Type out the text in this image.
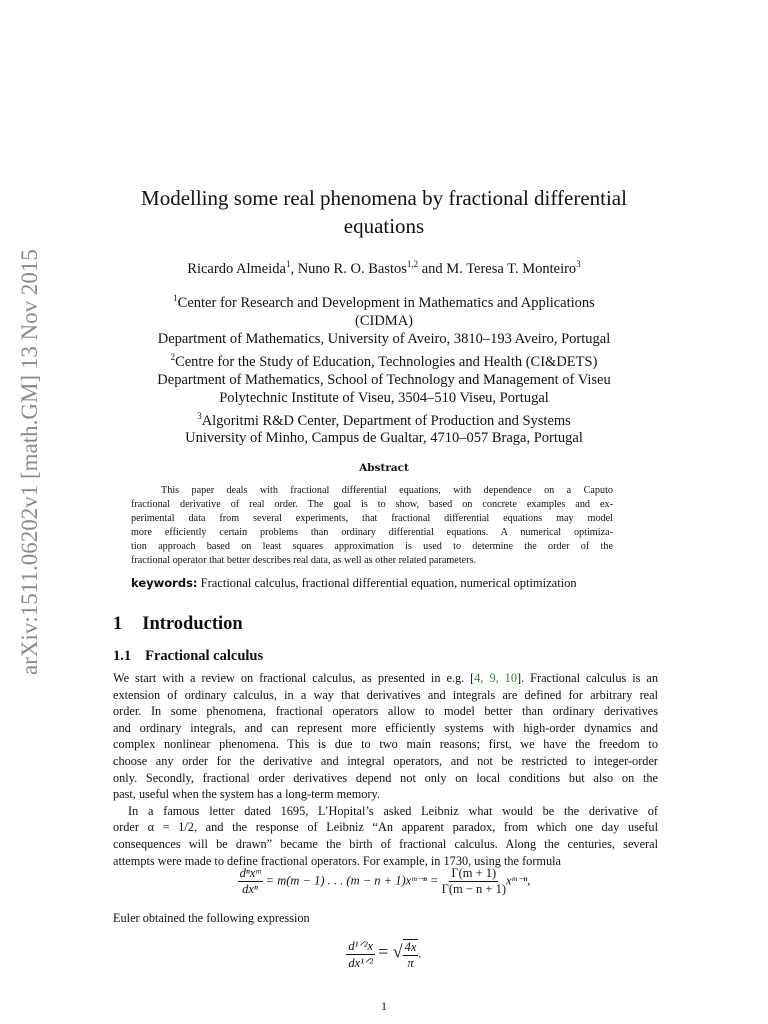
arXiv:1511.06202v1 [math.GM] 13 Nov 2015
Modelling some real phenomena by fractional differential
equations
Ricardo Almeida$^1$, Nuno R. O. Bastos$^{1,2}$ and M. Teresa T. Monteiro$^3$
$^1$Center for Research and Development in Mathematics and Applications
(CIDMA)
Department of Mathematics, University of Aveiro, 3810–193 Aveiro, Portugal
$^2$Centre for the Study of Education, Technologies and Health (CI&DETS)
Department of Mathematics, School of Technology and Management of Viseu
Polytechnic Institute of Viseu, 3504–510 Viseu, Portugal
$^3$Algoritmi R&D Center, Department of Production and Systems
University of Minho, Campus de Gualtar, 4710–057 Braga, Portugal
Abstract
This paper deals with fractional differential equations, with dependence on a Caputo
fractional derivative of real order. The goal is to show, based on concrete examples and ex-
perimental data from several experiments, that fractional differential equations may model
more efficiently certain problems than ordinary differential equations. A numerical optimiza-
tion approach based on least squares approximation is used to determine the order of the
fractional operator that better describes real data, as well as other related parameters.
keywords: Fractional calculus, fractional differential equation, numerical optimization
1 Introduction
1.1 Fractional calculus
We start with a review on fractional calculus, as presented in e.g. [4, 9, 10]. Fractional calculus is an
extension of ordinary calculus, in a way that derivatives and integrals are defined for arbitrary real
order. In some phenomena, fractional operators allow to model better than ordinary derivatives
and ordinary integrals, and can represent more efficiently systems with high-order dynamics and
complex nonlinear phenomena. This is due to two main reasons; first, we have the freedom to
choose any order for the derivative and integral operators, and not be restricted to integer-order
only. Secondly, fractional order derivatives depend not only on local conditions but also on the
past, useful when the system has a long-term memory.
In a famous letter dated 1695, L’Hopital’s asked Leibniz what would be the derivative of
order α = 1/2, and the response of Leibniz “An apparent paradox, from which one day useful
consequences will be drawn” became the birth of fractional calculus. Along the centuries, several
attempts were made to define fractional operators. For example, in 1730, using the formula
$\frac{\text{dⁿxᵐ}}{\text{dxⁿ}} = m(m - 1)$ . . . (m − n + 1)xᵐ⁻ⁿ = $\frac{\Gamma(m + 1)}{\Gamma(m - n + 1)}$ xᵐ⁻ⁿ,
Euler obtained the following expression
$\frac{\text{d¹ᐟ²x}}{\text{dx¹ᐟ²}}$ = √ $\frac{4x}{\pi}$ .
1
